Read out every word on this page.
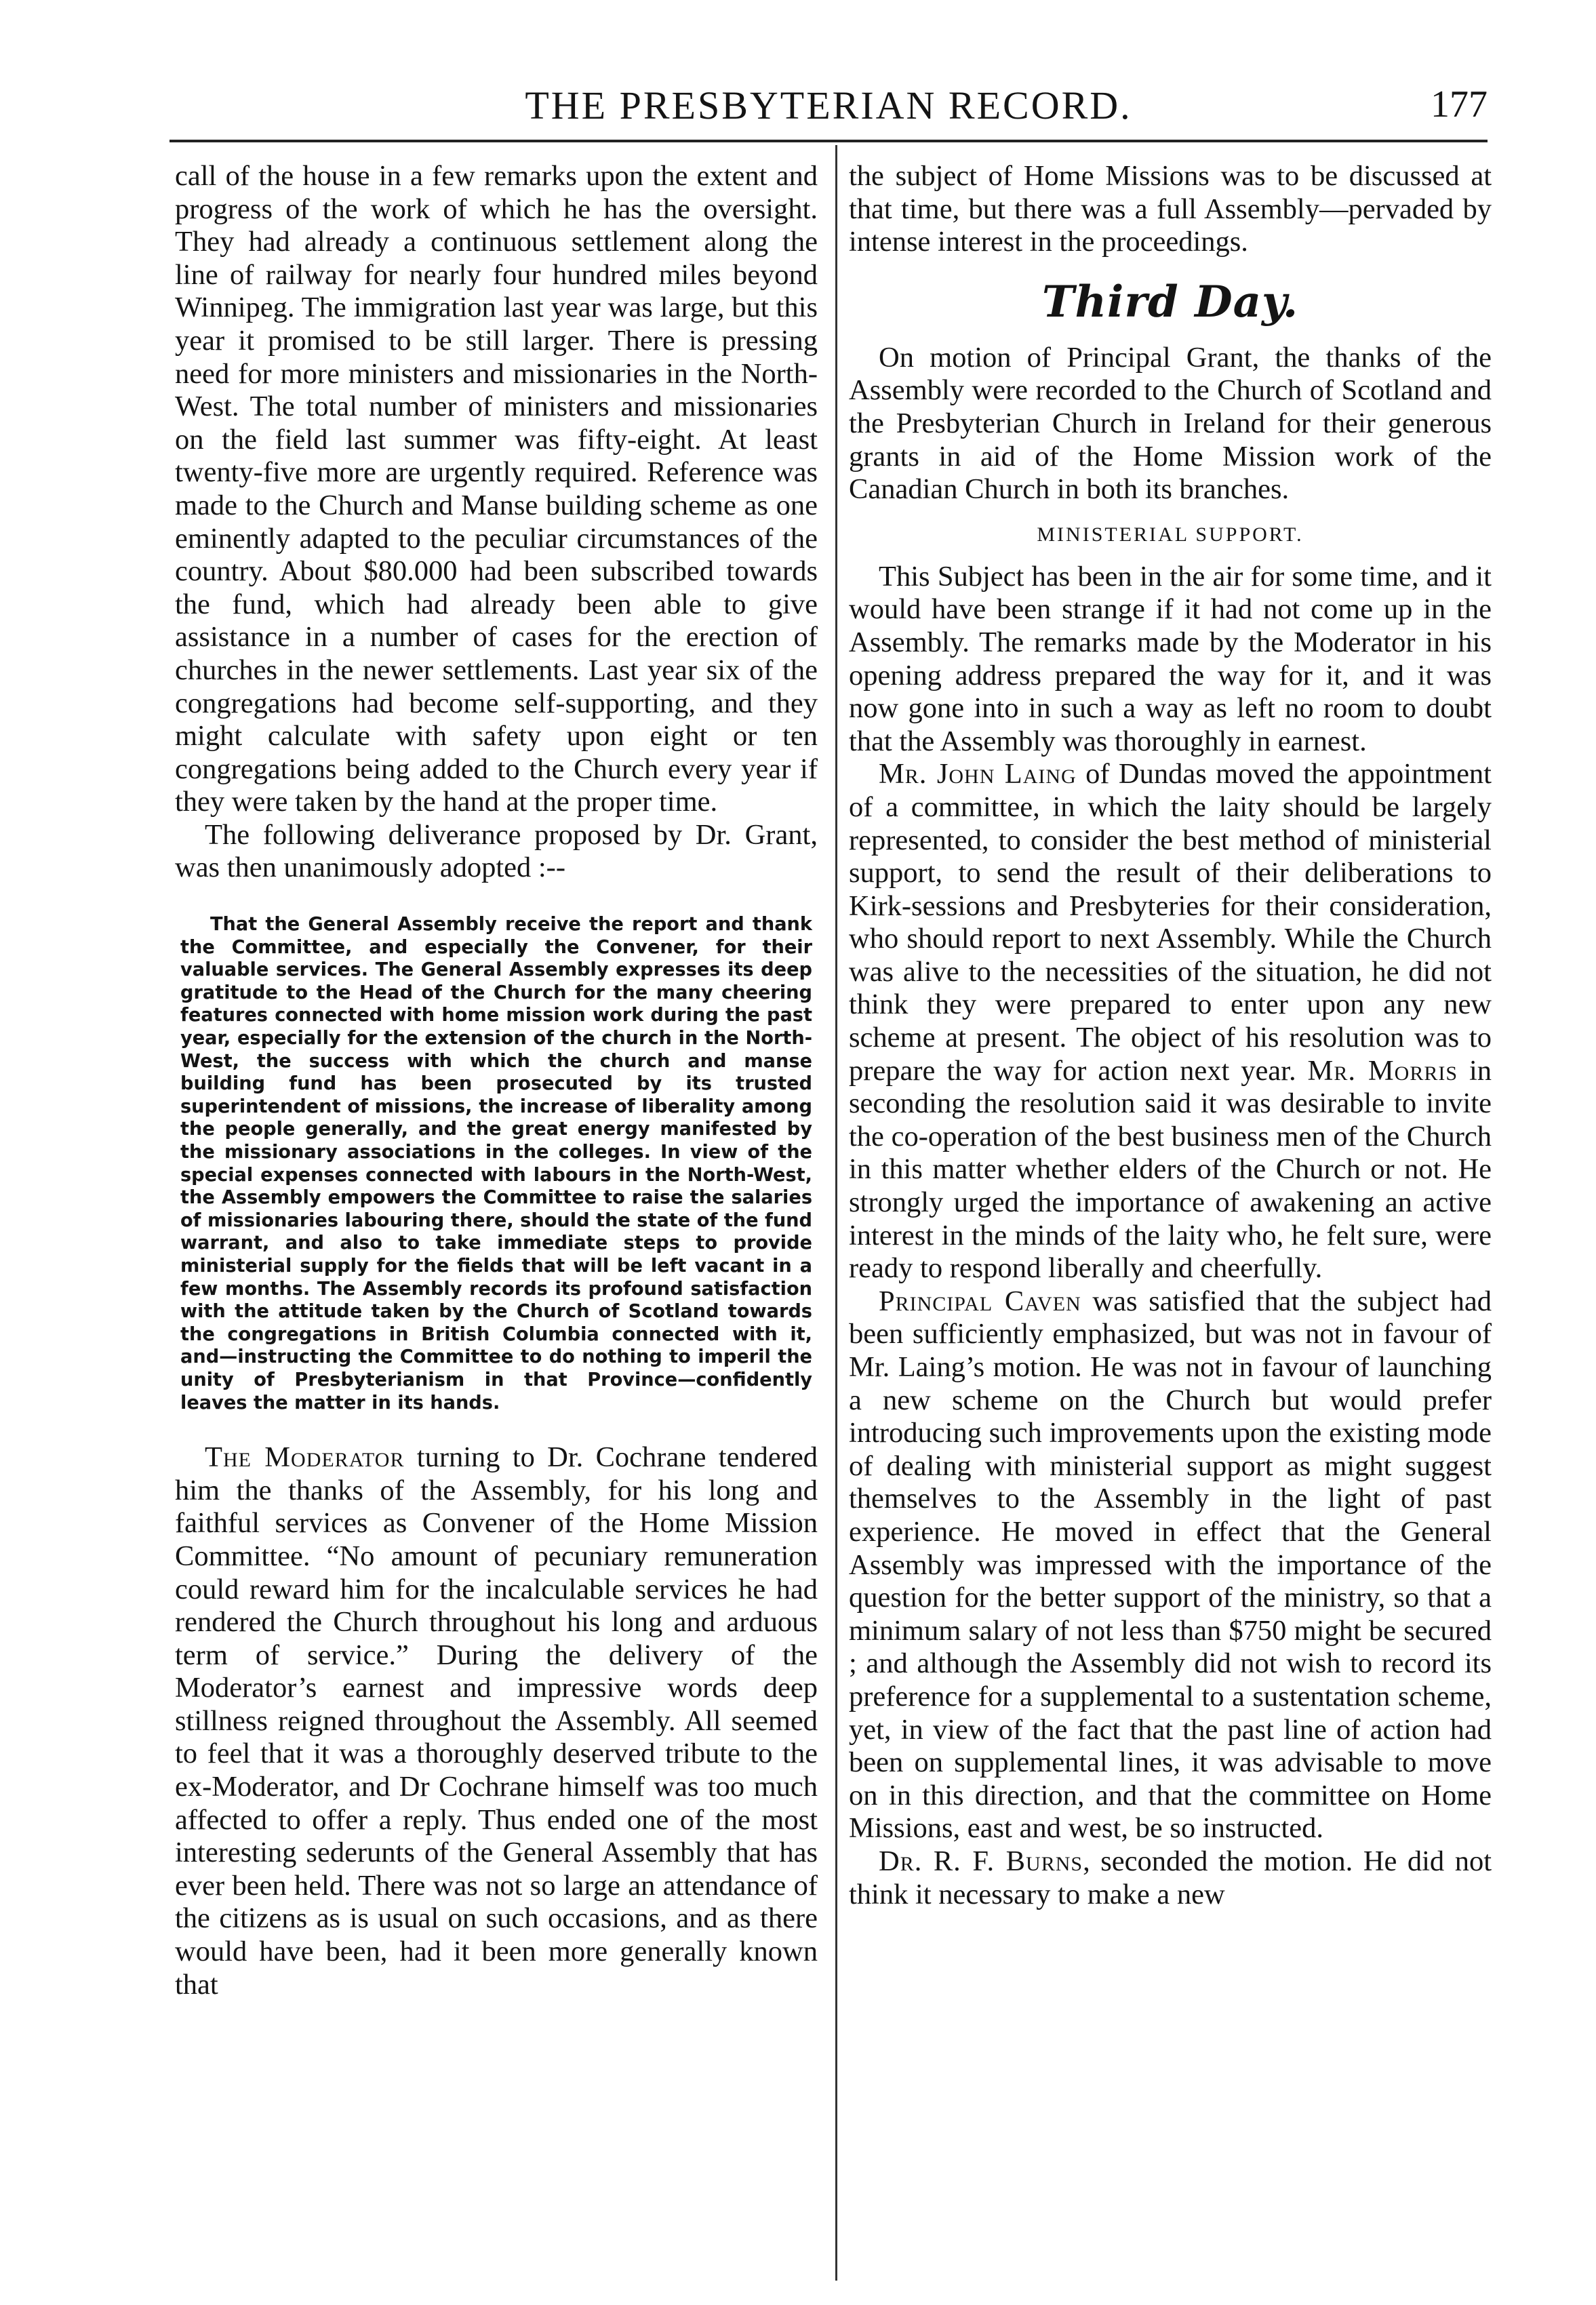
THE PRESBYTERIAN RECORD.	177

call of the house in a few remarks upon the extent and progress of the work of which he has the oversight. They had already a continuous settlement along the line of railway for nearly four hundred miles beyond Winnipeg. The immigration last year was large, but this year it promised to be still larger. There is pressing need for more ministers and missionaries in the North-West. The total number of ministers and missionaries on the field last summer was fifty-eight. At least twenty-five more are urgently required. Reference was made to the Church and Manse building scheme as one eminently adapted to the peculiar circumstances of the country. About $80.000 had been subscribed towards the fund, which had already been able to give assistance in a number of cases for the erection of churches in the newer settlements. Last year six of the congregations had become self-supporting, and they might calculate with safety upon eight or ten congregations being added to the Church every year if they were taken by the hand at the proper time.

The following deliverance proposed by Dr. Grant, was then unanimously adopted :--

That the General Assembly receive the report and thank the Committee, and especially the Convener, for their valuable services. The General Assembly expresses its deep gratitude to the Head of the Church for the many cheering features connected with home mission work during the past year, especially for the extension of the church in the North-West, the success with which the church and manse building fund has been prosecuted by its trusted superintendent of missions, the increase of liberality among the people generally, and the great energy manifested by the missionary associations in the colleges. In view of the special expenses connected with labours in the North-West, the Assembly empowers the Committee to raise the salaries of missionaries labouring there, should the state of the fund warrant, and also to take immediate steps to provide ministerial supply for the fields that will be left vacant in a few months. The Assembly records its profound satisfaction with the attitude taken by the Church of Scotland towards the congregations in British Columbia connected with it, and—instructing the Committee to do nothing to imperil the unity of Presbyterianism in that Province—confidently leaves the matter in its hands.

The Moderator turning to Dr. Cochrane tendered him the thanks of the Assembly, for his long and faithful services as Convener of the Home Mission Committee. “No amount of pecuniary remuneration could reward him for the incalculable services he had rendered the Church throughout his long and arduous term of service.” During the delivery of the Moderator’s earnest and impressive words deep stillness reigned throughout the Assembly. All seemed to feel that it was a thoroughly deserved tribute to the ex-Moderator, and Dr Cochrane himself was too much affected to offer a reply. Thus ended one of the most interesting sederunts of the General Assembly that has ever been held. There was not so large an attendance of the citizens as is usual on such occasions, and as there would have been, had it been more generally known that

the subject of Home Missions was to be discussed at that time, but there was a full Assembly—pervaded by intense interest in the proceedings.

Third Day.

On motion of Principal Grant, the thanks of the Assembly were recorded to the Church of Scotland and the Presbyterian Church in Ireland for their generous grants in aid of the Home Mission work of the Canadian Church in both its branches.

MINISTERIAL SUPPORT.

This Subject has been in the air for some time, and it would have been strange if it had not come up in the Assembly. The remarks made by the Moderator in his opening address prepared the way for it, and it was now gone into in such a way as left no room to doubt that the Assembly was thoroughly in earnest.

Mr. John Laing of Dundas moved the appointment of a committee, in which the laity should be largely represented, to consider the best method of ministerial support, to send the result of their deliberations to Kirk-sessions and Presbyteries for their consideration, who should report to next Assembly. While the Church was alive to the necessities of the situation, he did not think they were prepared to enter upon any new scheme at present. The object of his resolution was to prepare the way for action next year. Mr. Morris in seconding the resolution said it was desirable to invite the co-operation of the best business men of the Church in this matter whether elders of the Church or not. He strongly urged the importance of awakening an active interest in the minds of the laity who, he felt sure, were ready to respond liberally and cheerfully.

Principal Caven was satisfied that the subject had been sufficiently emphasized, but was not in favour of Mr. Laing’s motion. He was not in favour of launching a new scheme on the Church but would prefer introducing such improvements upon the existing mode of dealing with ministerial support as might suggest themselves to the Assembly in the light of past experience. He moved in effect that the General Assembly was impressed with the importance of the question for the better support of the ministry, so that a minimum salary of not less than $750 might be secured ; and although the Assembly did not wish to record its preference for a supplemental to a sustentation scheme, yet, in view of the fact that the past line of action had been on supplemental lines, it was advisable to move on in this direction, and that the committee on Home Missions, east and west, be so instructed.

Dr. R. F. Burns, seconded the motion. He did not think it necessary to make a new
